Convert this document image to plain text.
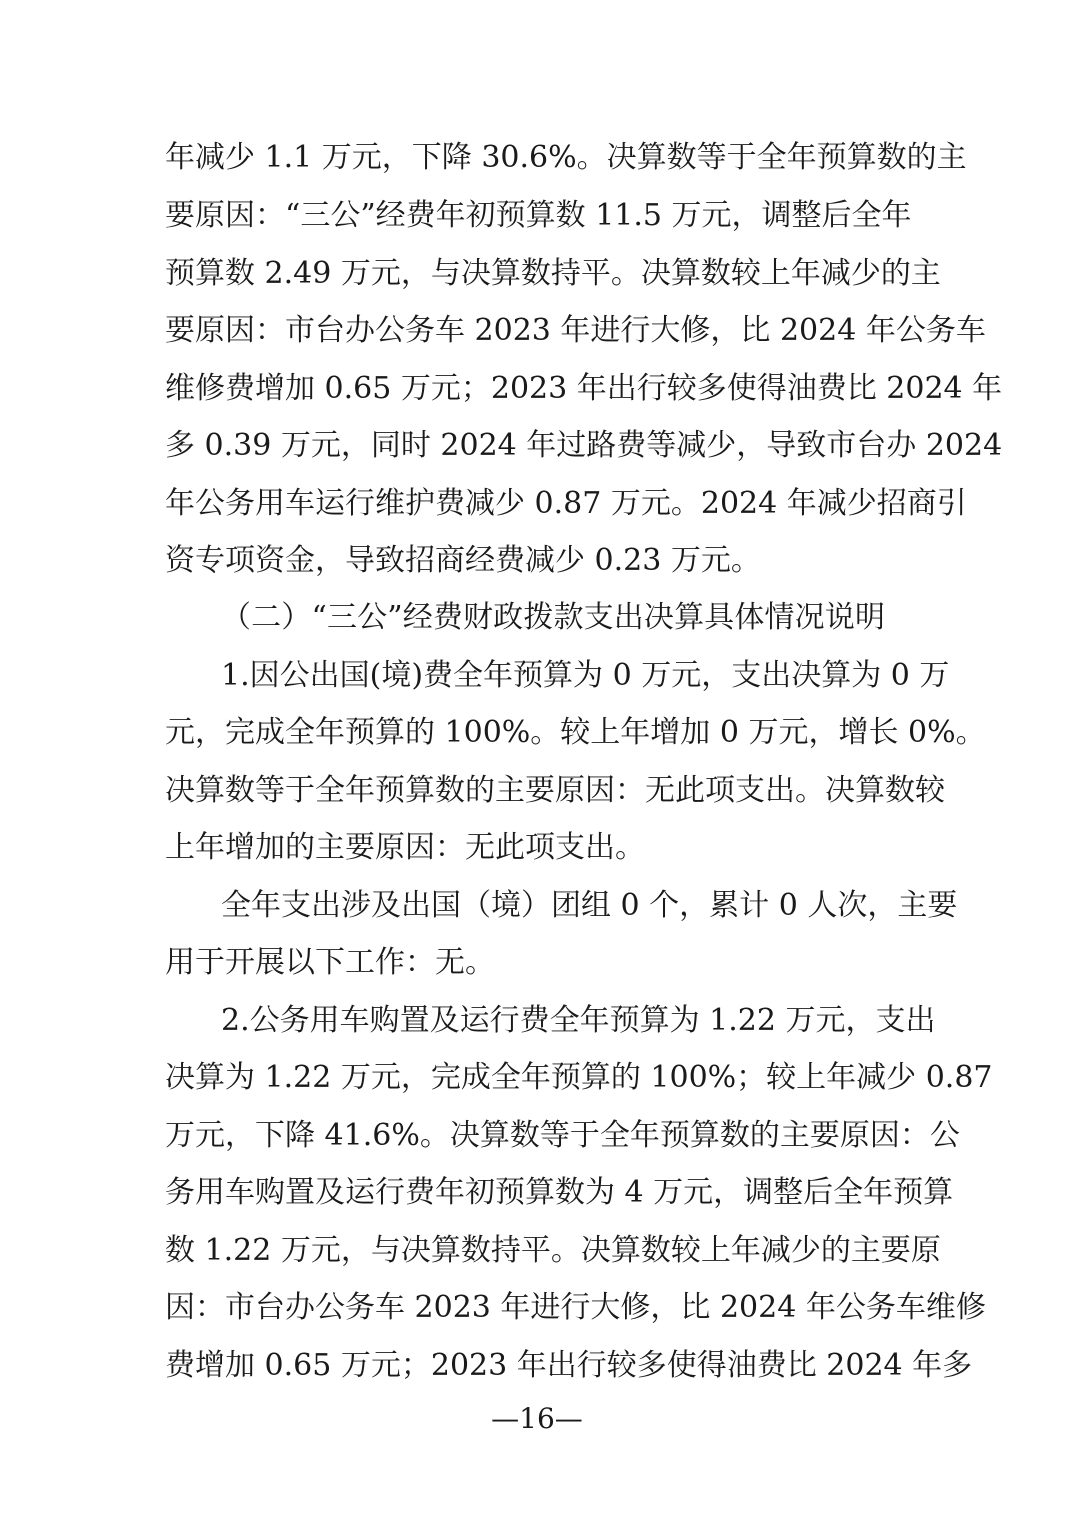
年减少 1.1 万元，下降 30.6%。决算数等于全年预算数的主
要原因：“三公”经费年初预算数 11.5 万元，调整后全年
预算数 2.49 万元，与决算数持平。决算数较上年减少的主
要原因：市台办公务车 2023 年进行大修，比 2024 年公务车
维修费增加 0.65 万元；2023 年出行较多使得油费比 2024 年
多 0.39 万元，同时 2024 年过路费等减少，导致市台办 2024
年公务用车运行维护费减少 0.87 万元。2024 年减少招商引
资专项资金，导致招商经费减少 0.23 万元。
（二）“三公”经费财政拨款支出决算具体情况说明
1.因公出国(境)费全年预算为 0 万元，支出决算为 0 万
元，完成全年预算的 100%。较上年增加 0 万元，增长 0%。
决算数等于全年预算数的主要原因：无此项支出。决算数较
上年增加的主要原因：无此项支出。
全年支出涉及出国（境）团组 0 个，累计 0 人次，主要
用于开展以下工作：无。
2.公务用车购置及运行费全年预算为 1.22 万元，支出
决算为 1.22 万元，完成全年预算的 100%；较上年减少 0.87
万元，下降 41.6%。决算数等于全年预算数的主要原因：公
务用车购置及运行费年初预算数为 4 万元，调整后全年预算
数 1.22 万元，与决算数持平。决算数较上年减少的主要原
因：市台办公务车 2023 年进行大修，比 2024 年公务车维修
费增加 0.65 万元；2023 年出行较多使得油费比 2024 年多
—16—
